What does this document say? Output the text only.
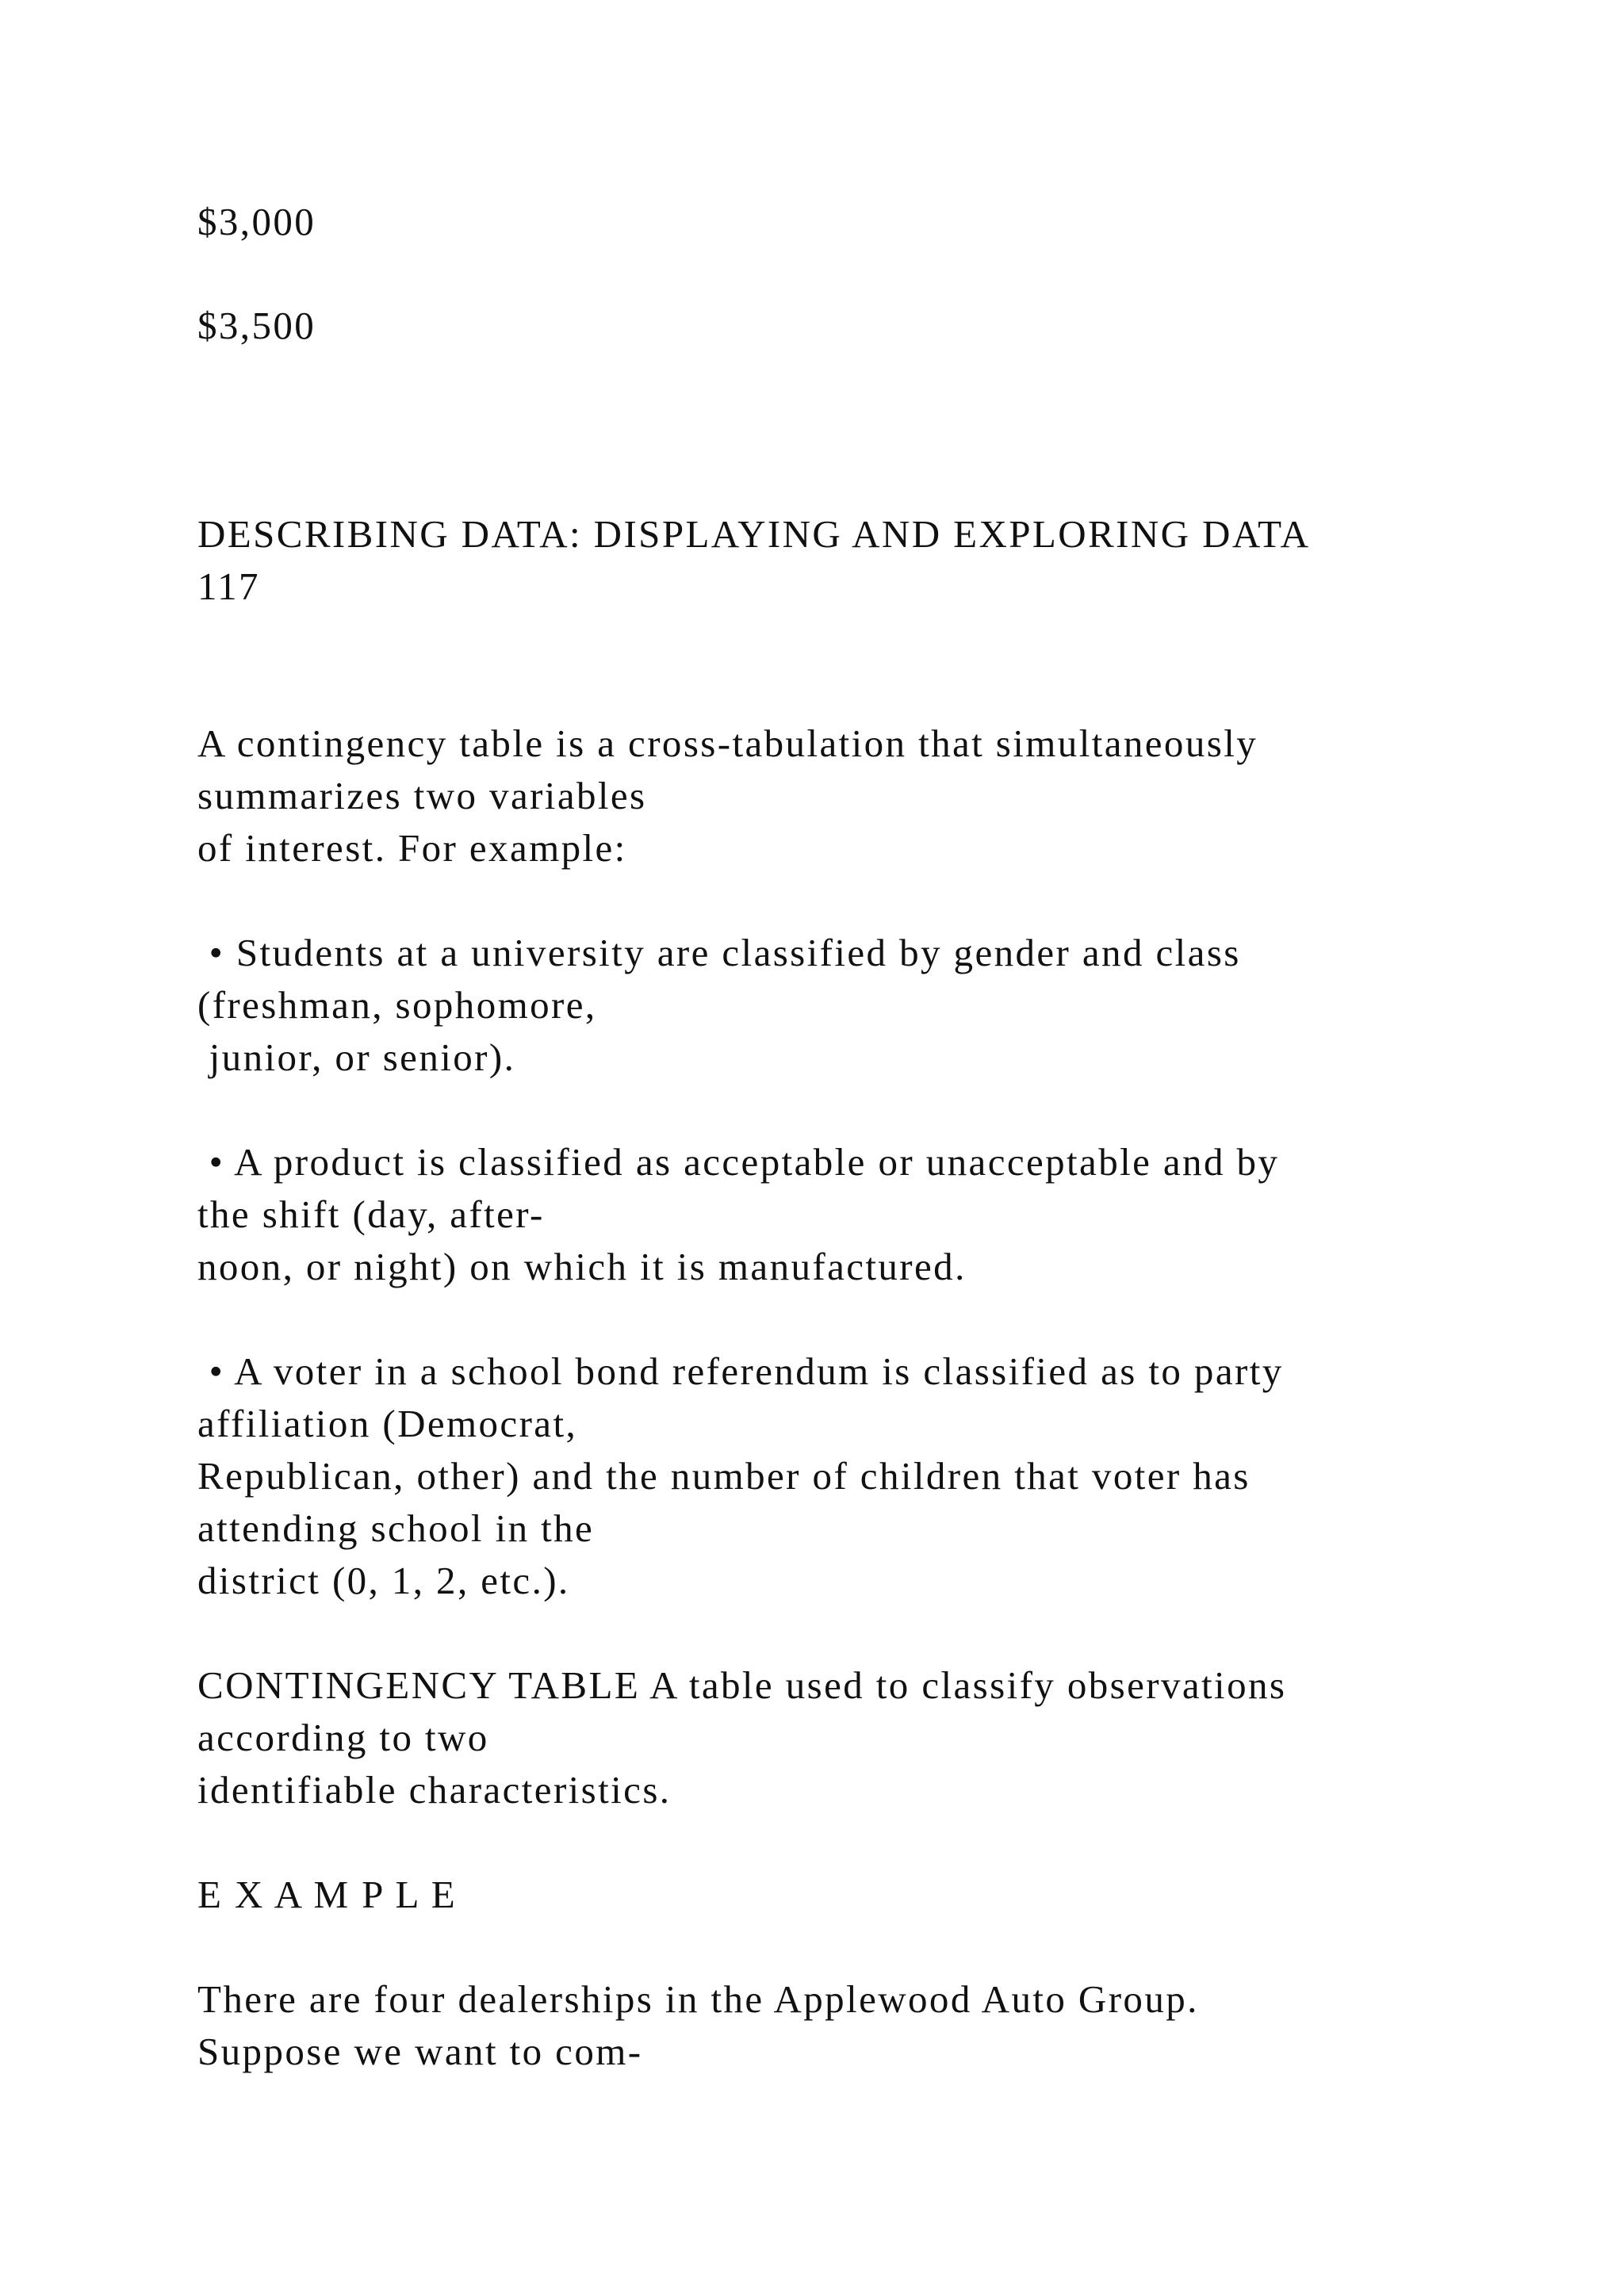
$3,000

$3,500

DESCRIBING DATA: DISPLAYING AND EXPLORING DATA

117

A contingency table is a cross-tabulation that simultaneously

summarizes two variables

of interest. For example:

• Students at a university are classified by gender and class

(freshman, sophomore,

junior, or senior).

• A product is classified as acceptable or unacceptable and by

the shift (day, after-

noon, or night) on which it is manufactured.

• A voter in a school bond referendum is classified as to party

affiliation (Democrat,

Republican, other) and the number of children that voter has

attending school in the

district (0, 1, 2, etc.).

CONTINGENCY TABLE A table used to classify observations

according to two

identifiable characteristics.

E X A M P L E

There are four dealerships in the Applewood Auto Group.

Suppose we want to com-
